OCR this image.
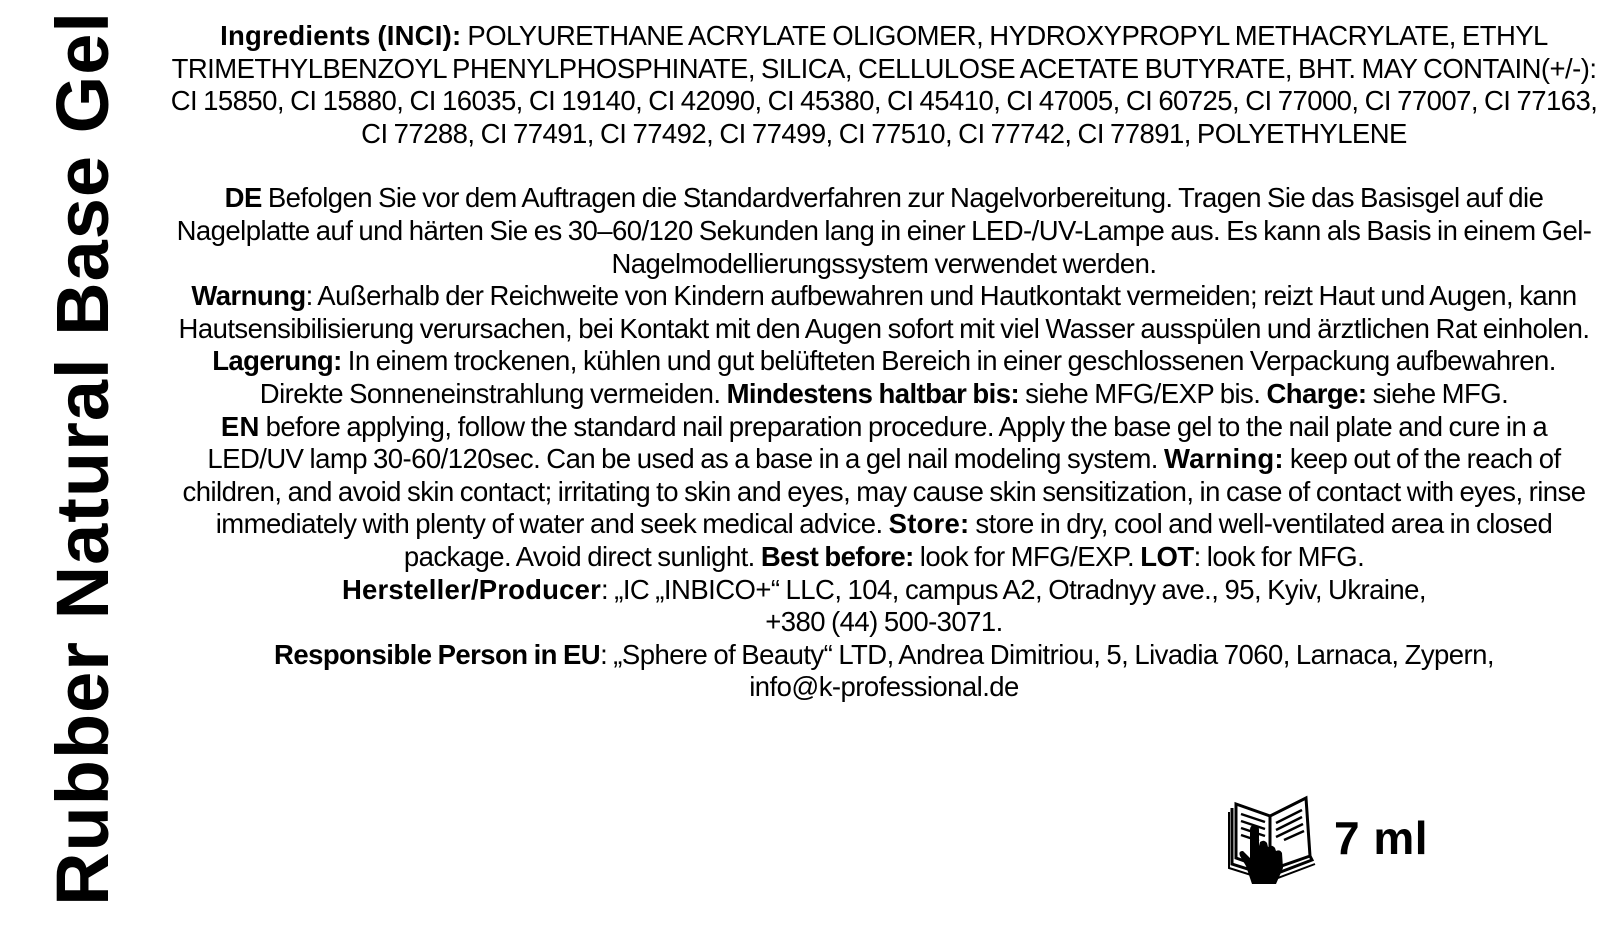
Rubber Natural Base Gel	Ingredients (INCI): POLYURETHANE ACRYLATE OLIGOMER, HYDROXYPROPYL METHACRYLATE, ETHYL TRIMETHYLBENZOYL PHENYLPHOSPHINATE, SILICA, CELLULOSE ACETATE BUTYRATE, BHT. MAY CONTAIN(+/-): CI 15850, CI 15880, CI 16035, CI 19140, CI 42090, CI 45380, CI 45410, CI 47005, CI 60725, CI 77000, CI 77007, CI 77163, CI 77288, CI 77491, CI 77492, CI 77499, CI 77510, CI 77742, CI 77891, POLYETHYLENE

DE Befolgen Sie vor dem Auftragen die Standardverfahren zur Nagelvorbereitung. Tragen Sie das Basisgel auf die Nagelplatte auf und härten Sie es 30–60/120 Sekunden lang in einer LED-/UV-Lampe aus. Es kann als Basis in einem Gel-Nagelmodellierungssystem verwendet werden.
Warnung: Außerhalb der Reichweite von Kindern aufbewahren und Hautkontakt vermeiden; reizt Haut und Augen, kann Hautsensibilisierung verursachen, bei Kontakt mit den Augen sofort mit viel Wasser ausspülen und ärztlichen Rat einholen. Lagerung: In einem trockenen, kühlen und gut belüfteten Bereich in einer geschlossenen Verpackung aufbewahren. Direkte Sonneneinstrahlung vermeiden. Mindestens haltbar bis: siehe MFG/EXP bis. Charge: siehe MFG.

EN before applying, follow the standard nail preparation procedure. Apply the base gel to the nail plate and cure in a LED/UV lamp 30-60/120sec. Can be used as a base in a gel nail modeling system. Warning: keep out of the reach of children, and avoid skin contact; irritating to skin and eyes, may cause skin sensitization, in case of contact with eyes, rinse immediately with plenty of water and seek medical advice. Store: store in dry, cool and well-ventilated area in closed package. Avoid direct sunlight. Best before: look for MFG/EXP. LOT: look for MFG.

Hersteller/Producer: „IC „INBICO+“ LLC, 104, campus A2, Otradnyy ave., 95, Kyiv, Ukraine,
+380 (44) 500-3071.

Responsible Person in EU: „Sphere of Beauty“ LTD, Andrea Dimitriou, 5, Livadia 7060, Larnaca, Zypern,
info@k-professional.de

7 ml
